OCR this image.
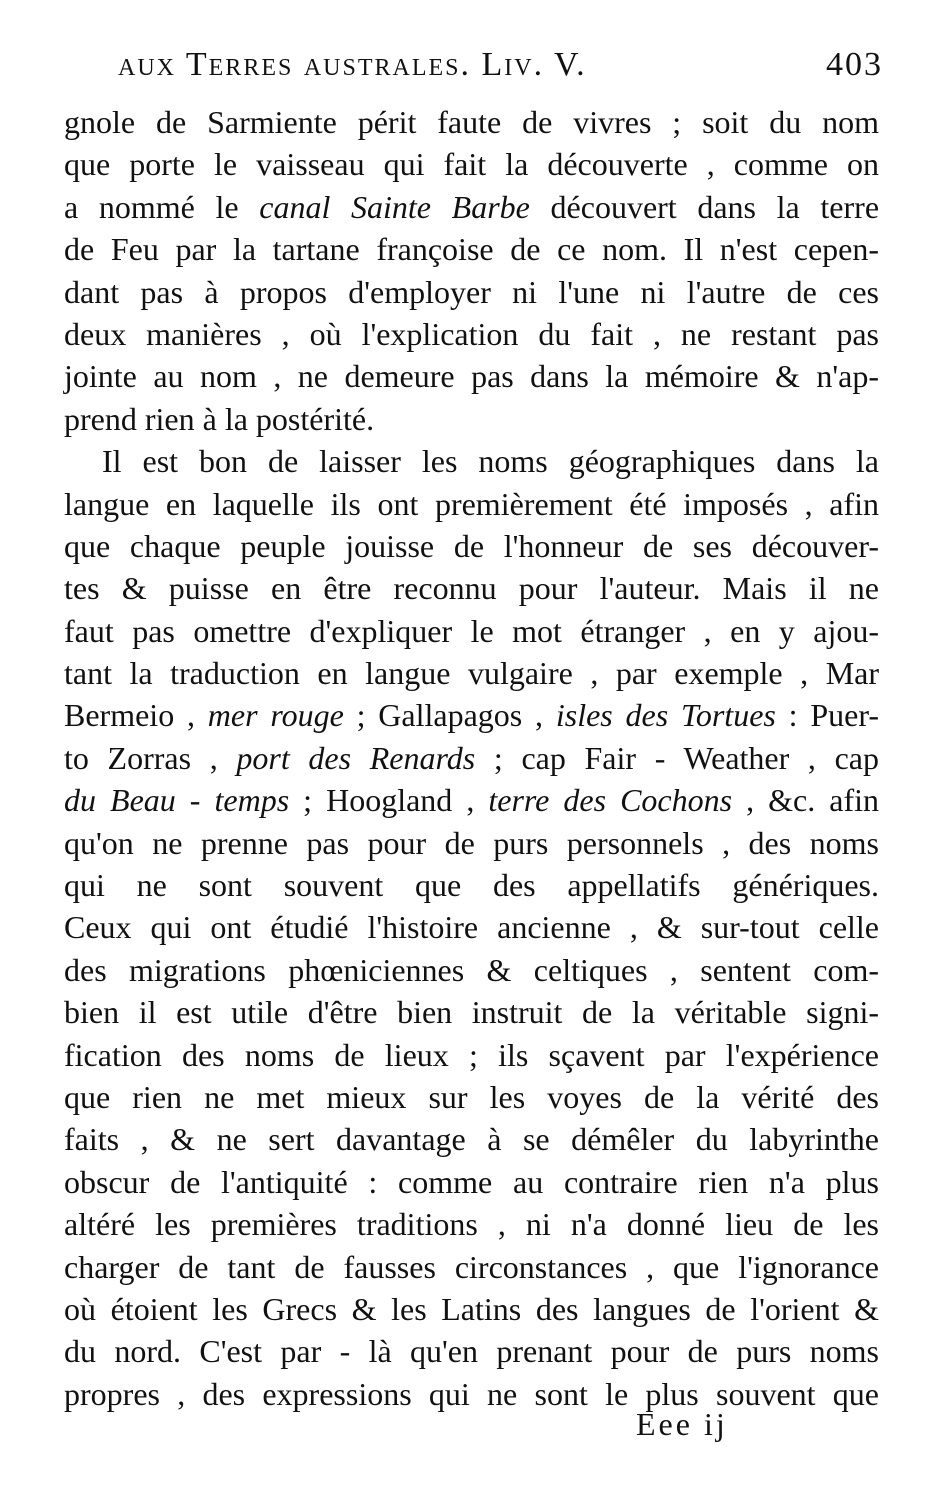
aux Terres australes. Liv. V.	403
gnole de Sarmiente périt faute de vivres ; soit du nom
que porte le vaisseau qui fait la découverte , comme on
a nommé le canal Sainte Barbe découvert dans la terre
de Feu par la tartane françoise de ce nom. Il n'est cepen-
dant pas à propos d'employer ni l'une ni l'autre de ces
deux manières , où l'explication du fait , ne restant pas
jointe au nom , ne demeure pas dans la mémoire & n'ap-
prend rien à la postérité.
Il est bon de laisser les noms géographiques dans la
langue en laquelle ils ont premièrement été imposés , afin
que chaque peuple jouisse de l'honneur de ses découver-
tes & puisse en être reconnu pour l'auteur. Mais il ne
faut pas omettre d'expliquer le mot étranger , en y ajou-
tant la traduction en langue vulgaire , par exemple , Mar
Bermeio , mer rouge ; Gallapagos , isles des Tortues : Puer-
to Zorras , port des Renards ; cap Fair - Weather , cap
du Beau - temps ; Hoogland , terre des Cochons , &c. afin
qu'on ne prenne pas pour de purs personnels , des noms
qui ne sont souvent que des appellatifs génériques.
Ceux qui ont étudié l'histoire ancienne , & sur-tout celle
des migrations phœniciennes & celtiques , sentent com-
bien il est utile d'être bien instruit de la véritable signi-
fication des noms de lieux ; ils sçavent par l'expérience
que rien ne met mieux sur les voyes de la vérité des
faits , & ne sert davantage à se démêler du labyrinthe
obscur de l'antiquité : comme au contraire rien n'a plus
altéré les premières traditions , ni n'a donné lieu de les
charger de tant de fausses circonstances , que l'ignorance
où étoient les Grecs & les Latins des langues de l'orient &
du nord. C'est par - là qu'en prenant pour de purs noms
propres , des expressions qui ne sont le plus souvent que
Eee ij
